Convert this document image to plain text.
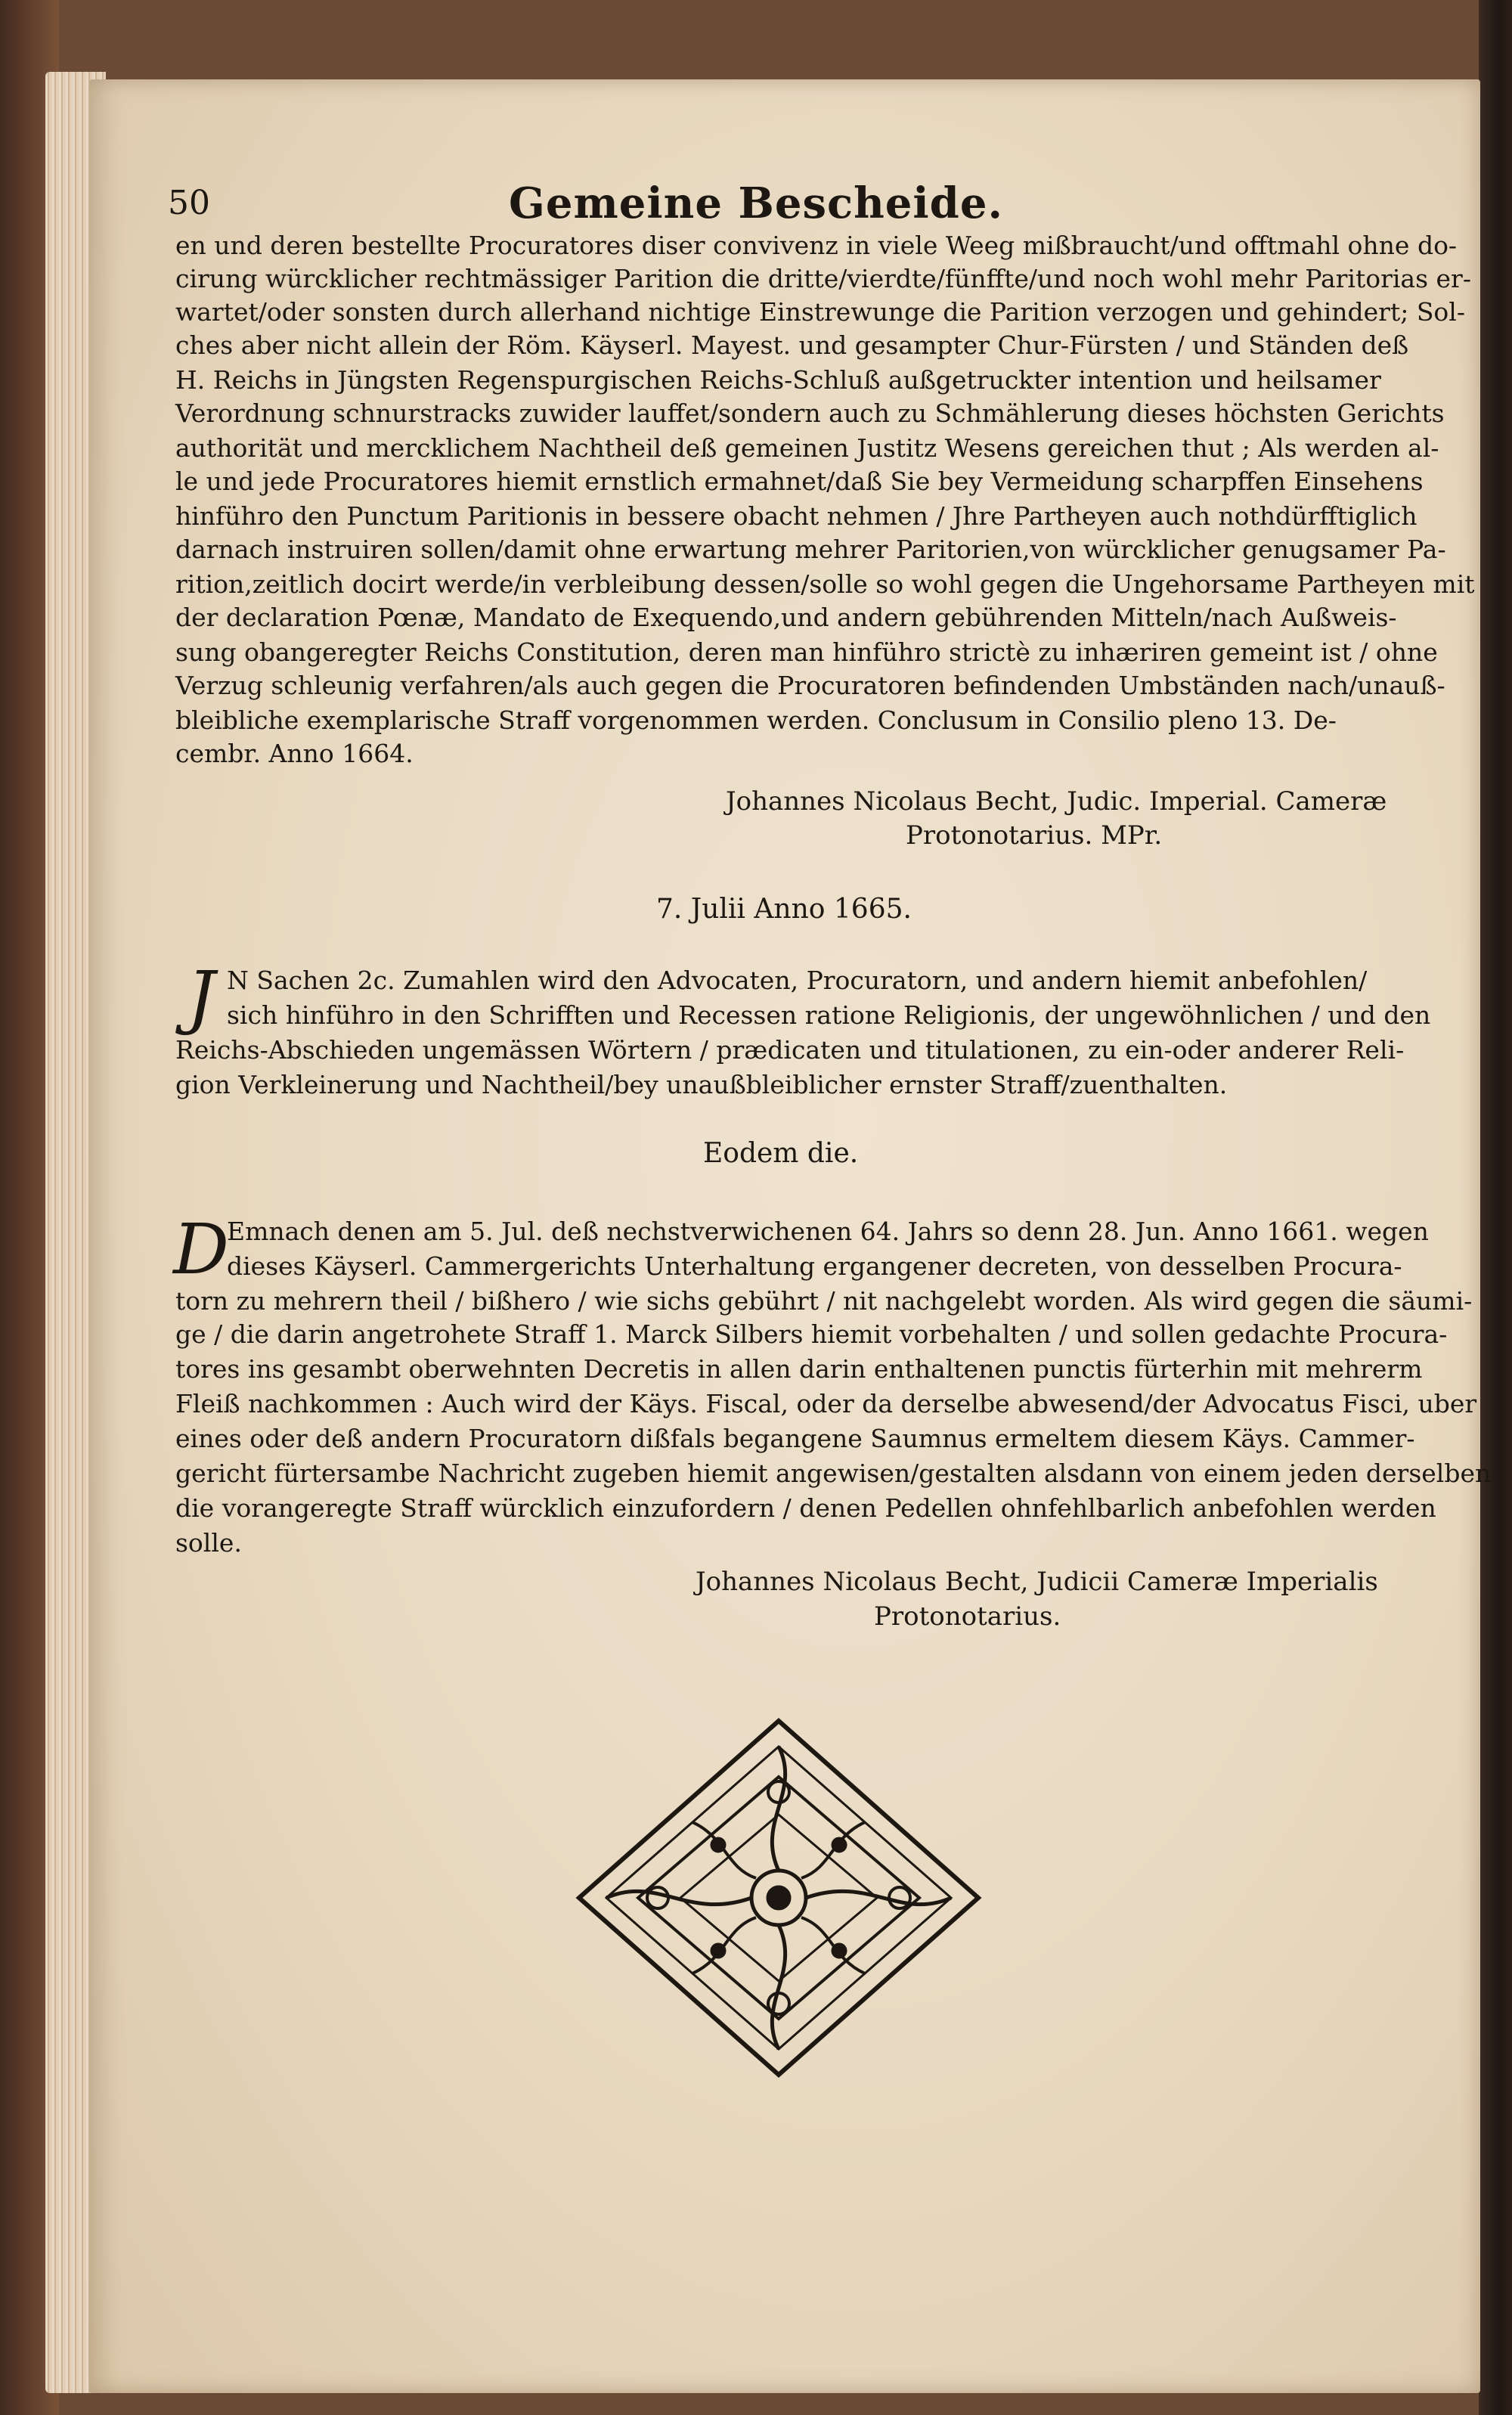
50	Gemeine Bescheide.
en und deren bestellte Procuratores diser convivenz in viele Weeg mißbraucht/und offtmahl ohne do-
cirung würcklicher rechtmässiger Parition die dritte/vierdte/fünffte/und noch wohl mehr Paritorias er-
wartet/oder sonsten durch allerhand nichtige Einstrewunge die Parition verzogen und gehindert; Sol-
ches aber nicht allein der Röm. Käyserl. Mayest. und gesampter Chur-Fürsten / und Ständen deß
H. Reichs in Jüngsten Regenspurgischen Reichs-Schluß außgetruckter intention und heilsamer
Verordnung schnurstracks zuwider lauffet/sondern auch zu Schmählerung dieses höchsten Gerichts
authorität und mercklichem Nachtheil deß gemeinen Justitz Wesens gereichen thut ; Als werden al-
le und jede Procuratores hiemit ernstlich ermahnet/daß Sie bey Vermeidung scharpffen Einsehens
hinführo den Punctum Paritionis in bessere obacht nehmen / Jhre Partheyen auch nothdürfftiglich
darnach instruiren sollen/damit ohne erwartung mehrer Paritorien,von würcklicher genugsamer Pa-
rition,zeitlich docirt werde/in verbleibung dessen/solle so wohl gegen die Ungehorsame Partheyen mit
der declaration Pœnæ, Mandato de Exequendo,und andern gebührenden Mitteln/nach Außweis-
sung obangeregter Reichs Constitution, deren man hinführo strictè zu inhæriren gemeint ist / ohne
Verzug schleunig verfahren/als auch gegen die Procuratoren befindenden Umbständen nach/unauß-
bleibliche exemplarische Straff vorgenommen werden. Conclusum in Consilio pleno 13. De-
cembr. Anno 1664.
Johannes Nicolaus Becht, Judic. Imperial. Cameræ
Protonotarius. MPr.
7. Julii Anno 1665.
J N Sachen 2c. Zumahlen wird den Advocaten, Procuratorn, und andern hiemit anbefohlen/
sich hinführo in den Schrifften und Recessen ratione Religionis, der ungewöhnlichen / und den
Reichs-Abschieden ungemässen Wörtern / prædicaten und titulationen, zu ein-oder anderer Reli-
gion Verkleinerung und Nachtheil/bey unaußbleiblicher ernster Straff/zuenthalten.
Eodem die.
D
Emnach denen am 5. Jul. deß nechstverwichenen 64. Jahrs so denn 28. Jun. Anno 1661. wegen
dieses Käyserl. Cammergerichts Unterhaltung ergangener decreten, von desselben Procura-
torn zu mehrern theil / bißhero / wie sichs gebührt / nit nachgelebt worden. Als wird gegen die säumi-
ge / die darin angetrohete Straff 1. Marck Silbers hiemit vorbehalten / und sollen gedachte Procura-
tores ins gesambt oberwehnten Decretis in allen darin enthaltenen punctis fürterhin mit mehrerm
Fleiß nachkommen : Auch wird der Käys. Fiscal, oder da derselbe abwesend/der Advocatus Fisci, uber
eines oder deß andern Procuratorn dißfals begangene Saumnus ermeltem diesem Käys. Cammer-
gericht fürtersambe Nachricht zugeben hiemit angewisen/gestalten alsdann von einem jeden derselben
die vorangeregte Straff würcklich einzufordern / denen Pedellen ohnfehlbarlich anbefohlen werden
solle.
Johannes Nicolaus Becht, Judicii Cameræ Imperialis
Protonotarius.
